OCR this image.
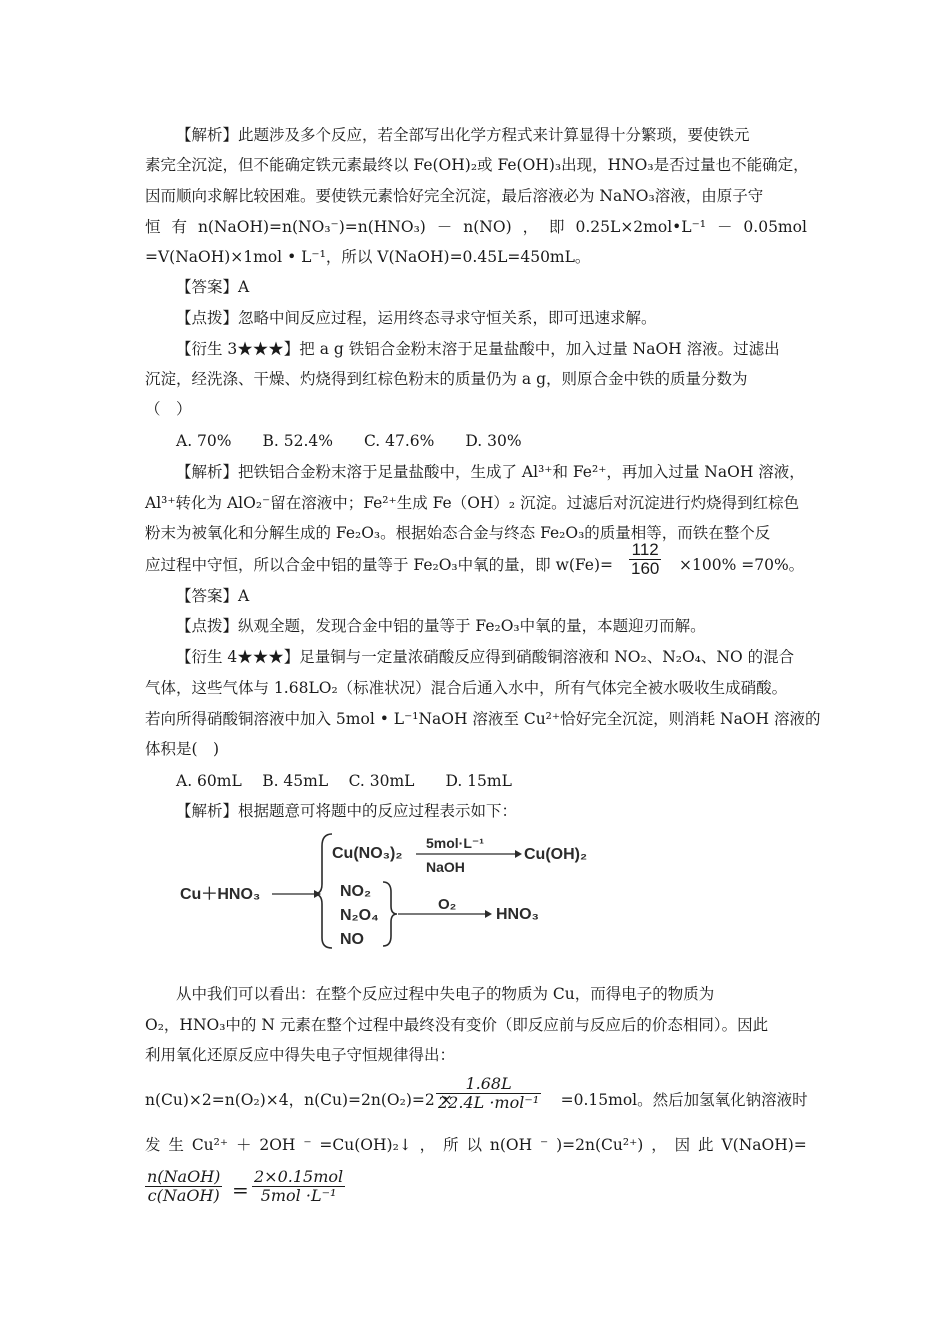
【解析】此题涉及多个反应，若全部写出化学方程式来计算显得十分繁琐，要使铁元
素完全沉淀，但不能确定铁元素最终以 Fe(OH)₂或 Fe(OH)₃出现，HNO₃是否过量也不能确定，
因而顺向求解比较困难。要使铁元素恰好完全沉淀，最后溶液必为 NaNO₃溶液，由原子守
恒 有 n(NaOH)=n(NO₃⁻)=n(HNO₃) － n(NO) ， 即 0.25L×2mol•L⁻¹ － 0.05mol
=V(NaOH)×1mol • L⁻¹，所以 V(NaOH)=0.45L=450mL。
【答案】A
【点拨】忽略中间反应过程，运用终态寻求守恒关系，即可迅速求解。
【衍生 3★★★】把 a g 铁铝合金粉末溶于足量盐酸中，加入过量 NaOH 溶液。过滤出
沉淀，经洗涤、干燥、灼烧得到红棕色粉末的质量仍为 a g，则原合金中铁的质量分数为
（　）
A. 70%　　B. 52.4%　　C. 47.6%　　D. 30%
【解析】把铁铝合金粉末溶于足量盐酸中，生成了 Al³⁺和 Fe²⁺，再加入过量 NaOH 溶液，
Al³⁺转化为 AlO₂⁻留在溶液中；Fe²⁺生成 Fe（OH）₂ 沉淀。过滤后对沉淀进行灼烧得到红棕色
粉末为被氧化和分解生成的 Fe₂O₃。根据始态合金与终态 Fe₂O₃的质量相等，而铁在整个反
应过程中守恒，所以合金中铝的量等于 Fe₂O₃中氧的量，即 w(Fe)=	×100% =70%。
$\frac{112}{160}$
【答案】A
【点拨】纵观全题，发现合金中铝的量等于 Fe₂O₃中氧的量，本题迎刃而解。
【衍生 4★★★】足量铜与一定量浓硝酸反应得到硝酸铜溶液和 NO₂、N₂O₄、NO 的混合
气体，这些气体与 1.68LO₂（标准状况）混合后通入水中，所有气体完全被水吸收生成硝酸。
若向所得硝酸铜溶液中加入 5mol • L⁻¹NaOH 溶液至 Cu²⁺恰好完全沉淀，则消耗 NaOH 溶液的
体积是(　)
A. 60mL　 B. 45mL　 C. 30mL　　D. 15mL
【解析】根据题意可将题中的反应过程表示如下：
Cu＋HNO₃
Cu(NO₃)₂
5mol·L⁻¹
NaOH
Cu(OH)₂
NO₂
N₂O₄
NO
O₂
HNO₃
从中我们可以看出：在整个反应过程中失电子的物质为 Cu，而得电子的物质为
O₂，HNO₃中的 N 元素在整个过程中最终没有变价（即反应前与反应后的价态相同）。因此
利用氧化还原反应中得失电子守恒规律得出：
n(Cu)×2=n(O₂)×4，n(Cu)=2n(O₂)=2 ×	=0.15mol。然后加氢氧化钠溶液时
1.68L
22.4L ·mol⁻¹
发 生 Cu²⁺ ＋ 2OH ⁻ =Cu(OH)₂↓ ， 所 以 n(OH ⁻ )=2n(Cu²⁺) ， 因 此 V(NaOH)=
n(NaOH)
c(NaOH) =
2×0.15mol
5mol ·L⁻¹
